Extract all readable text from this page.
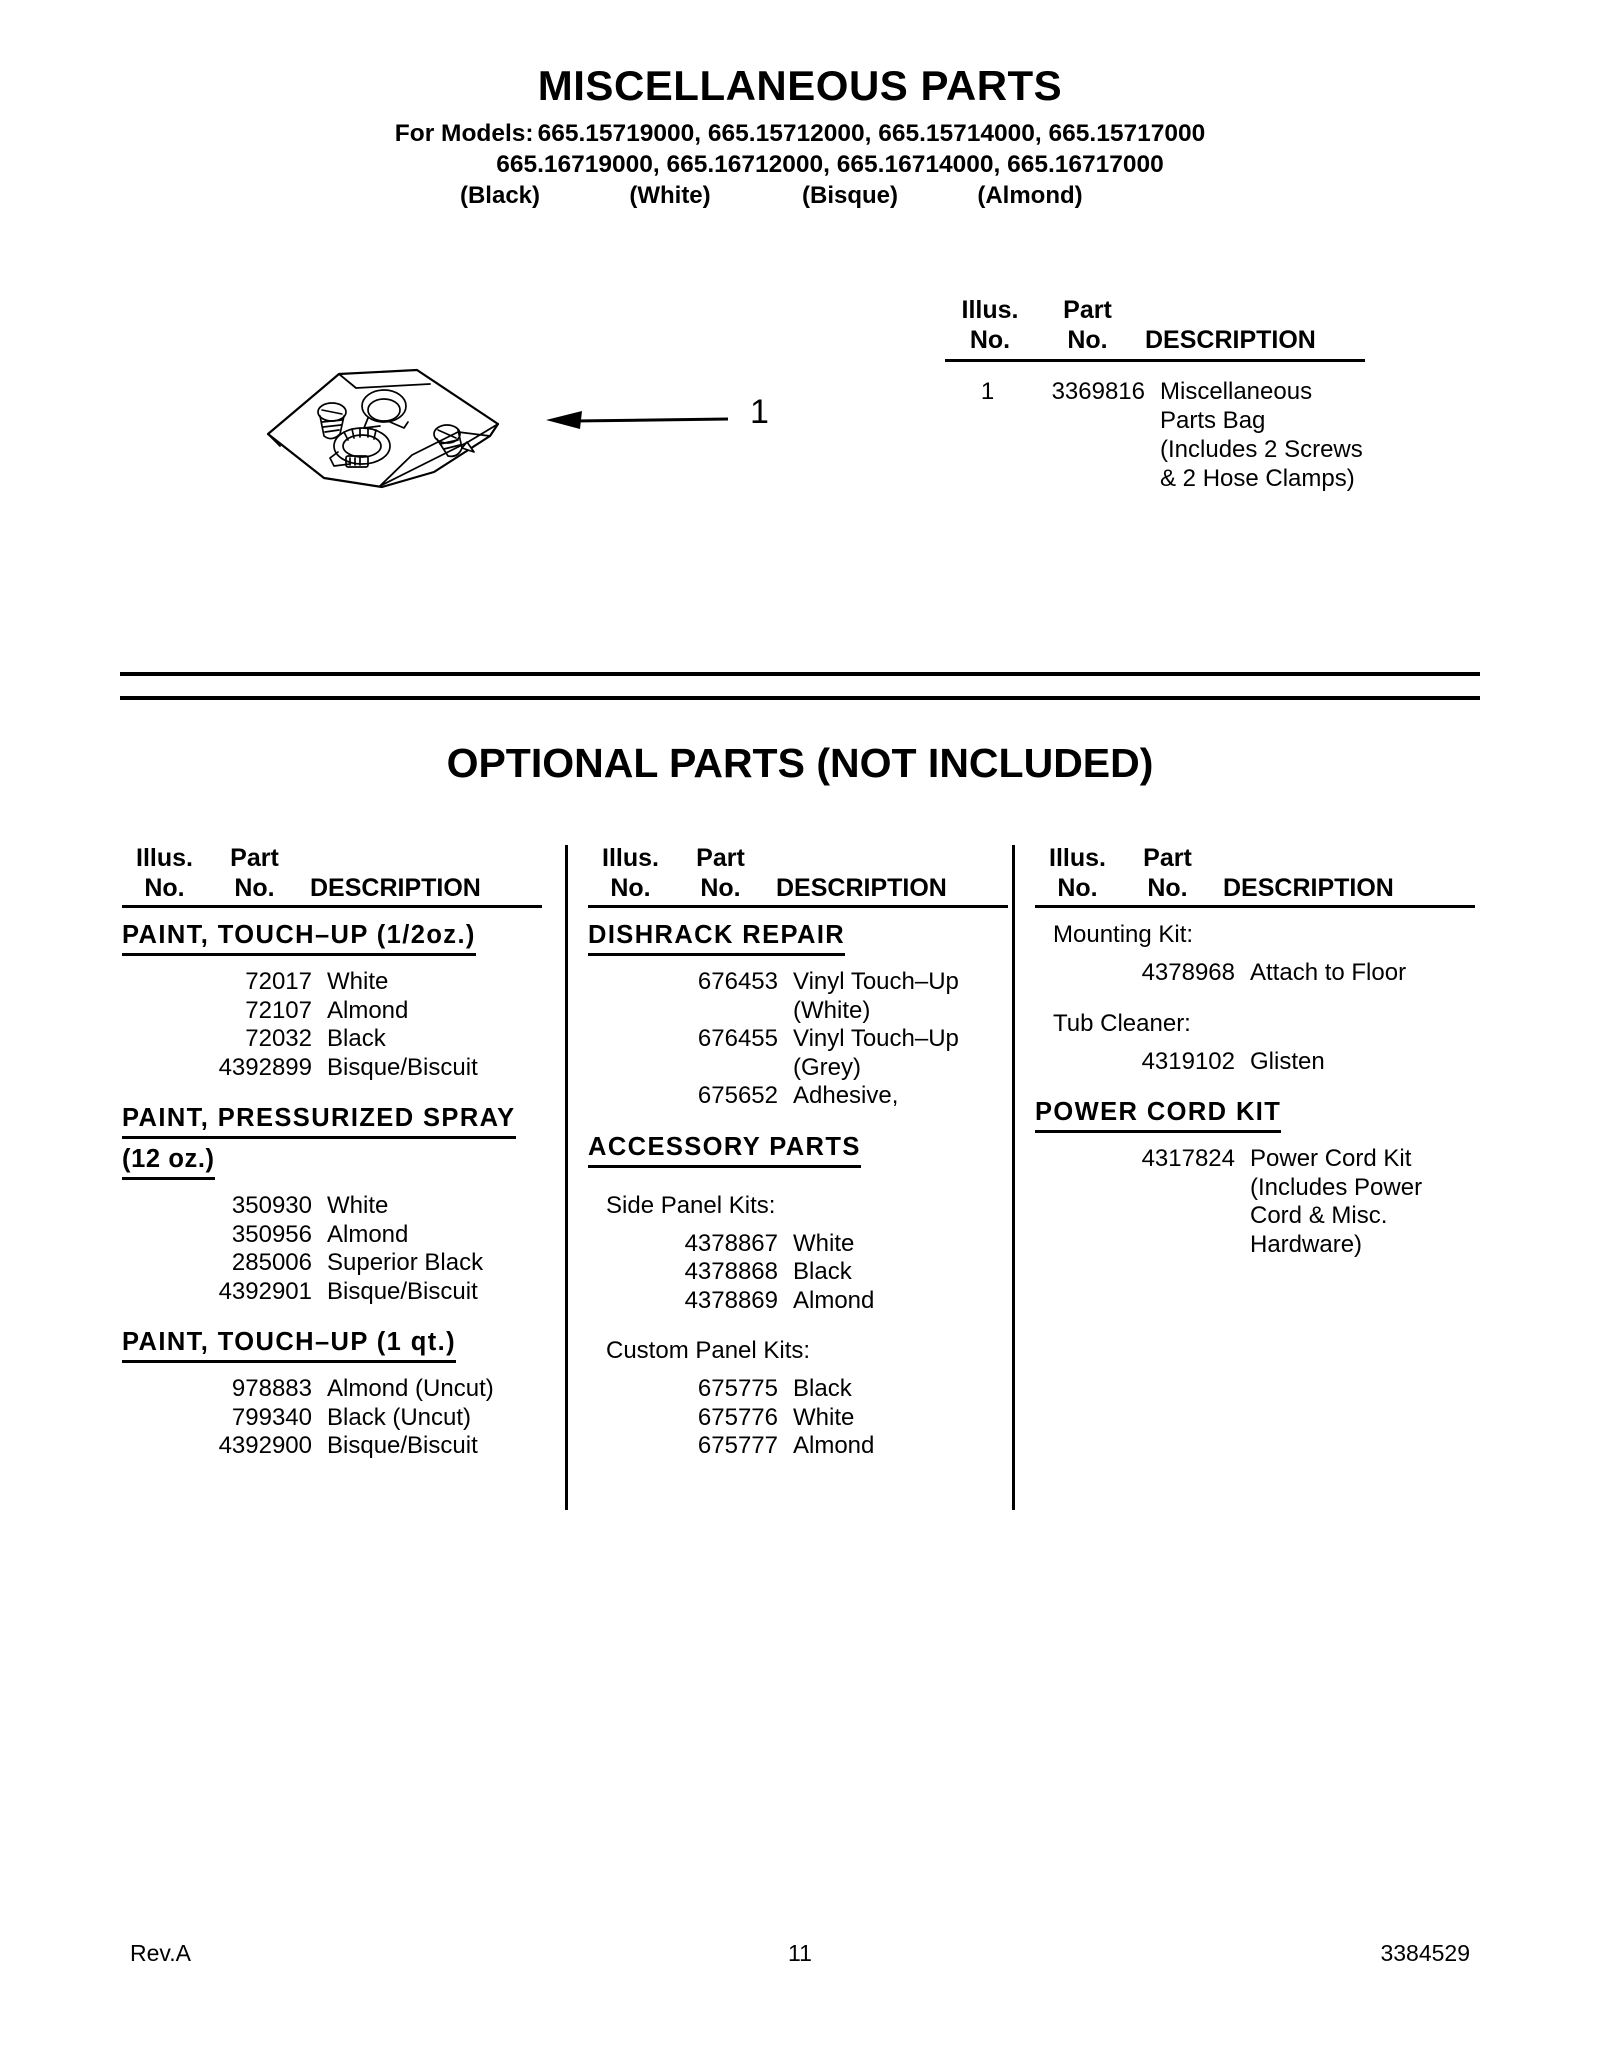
MISCELLANEOUS PARTS
For Models: 665.15719000, 665.15712000, 665.15714000, 665.15717000
665.16719000, 665.16712000, 665.16714000, 665.16717000
(Black)	(White)	(Bisque)	(Almond)
1
Illus.
No.
Part
No.	DESCRIPTION
1	3369816 Miscellaneous
Parts Bag
(Includes 2 Screws
& 2 Hose Clamps)
OPTIONAL PARTS (NOT INCLUDED)
Illus.
No.
Part
No.	DESCRIPTION
PAINT, TOUCH–UP (1/2oz.)
72017 White
72107 Almond
72032 Black
4392899 Bisque/Biscuit
PAINT, PRESSURIZED SPRAY
(12 oz.)
350930 White
350956 Almond
285006 Superior Black
4392901 Bisque/Biscuit
PAINT, TOUCH–UP (1 qt.)
978883 Almond (Uncut)
799340 Black (Uncut)
4392900 Bisque/Biscuit
Illus.
No.
Part
No.	DESCRIPTION
DISHRACK REPAIR
676453 Vinyl Touch–Up
(White)
676455 Vinyl Touch–Up
(Grey)
675652 Adhesive,
ACCESSORY PARTS
Side Panel Kits:
4378867 White
4378868 Black
4378869 Almond
Custom Panel Kits:
675775 Black
675776 White
675777 Almond
Illus.
No.
Part
No.	DESCRIPTION
Mounting Kit:
4378968 Attach to Floor
Tub Cleaner:
4319102 Glisten
POWER CORD KIT
4317824 Power Cord Kit
(Includes Power
Cord & Misc.
Hardware)
Rev.A	11	3384529
